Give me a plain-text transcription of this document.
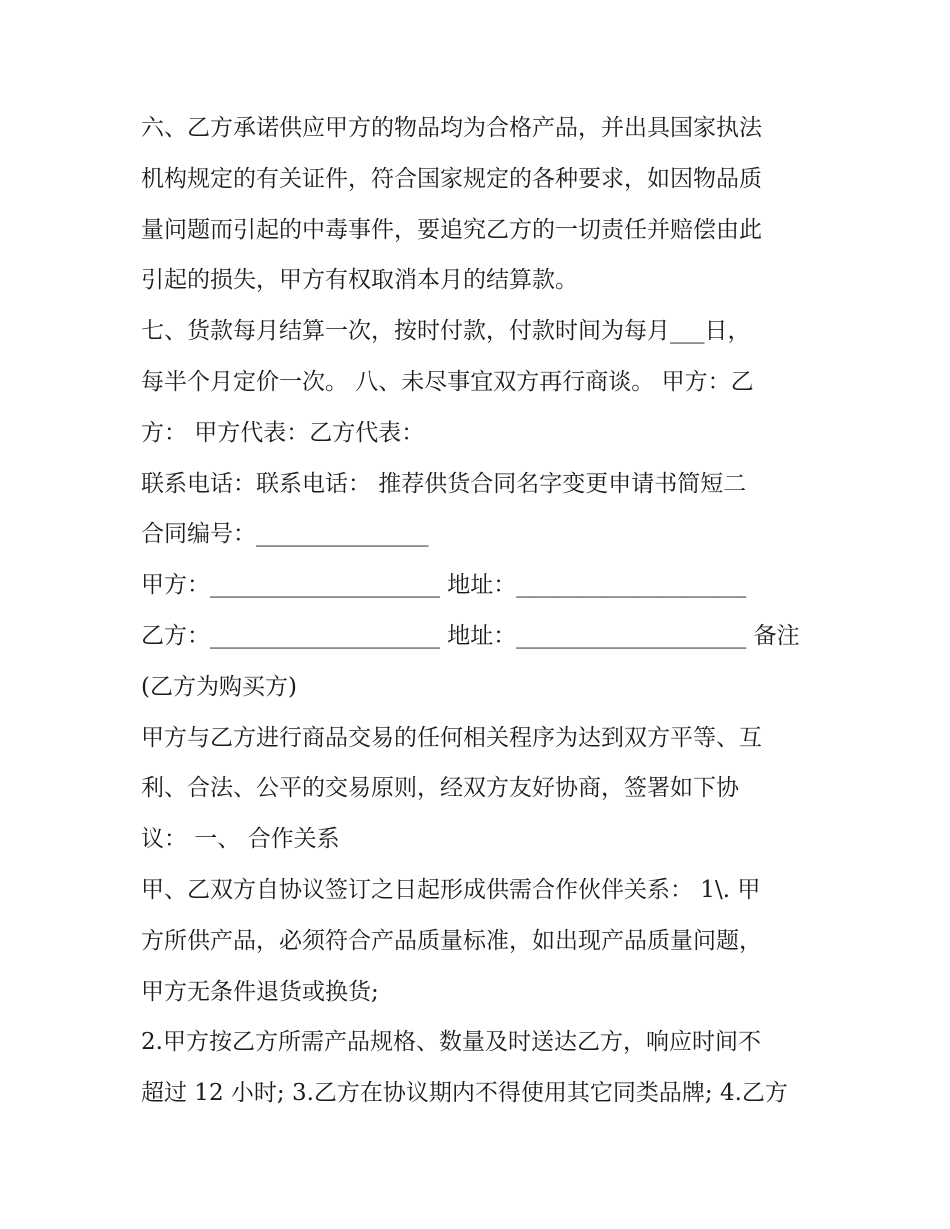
六、乙方承诺供应甲方的物品均为合格产品，并出具国家执法
机构规定的有关证件，符合国家规定的各种要求，如因物品质
量问题而引起的中毒事件，要追究乙方的一切责任并赔偿由此
引起的损失，甲方有权取消本月的结算款。
七、货款每月结算一次，按时付款，付款时间为每月___日，
每半个月定价一次。 八、未尽事宜双方再行商谈。 甲方：乙
方： 甲方代表：乙方代表：
联系电话：联系电话： 推荐供货合同名字变更申请书简短二
合同编号：_______________
甲方：____________________ 地址：____________________
乙方：____________________ 地址：____________________ 备注
(乙方为购买方)
甲方与乙方进行商品交易的任何相关程序为达到双方平等、互
利、合法、公平的交易原则，经双方友好协商，签署如下协
议： 一、 合作关系
甲、乙双方自协议签订之日起形成供需合作伙伴关系： 1\. 甲
方所供产品，必须符合产品质量标准，如出现产品质量问题，
甲方无条件退货或换货;
2.甲方按乙方所需产品规格、数量及时送达乙方，响应时间不
超过 12 小时; 3.乙方在协议期内不得使用其它同类品牌; 4.乙方
